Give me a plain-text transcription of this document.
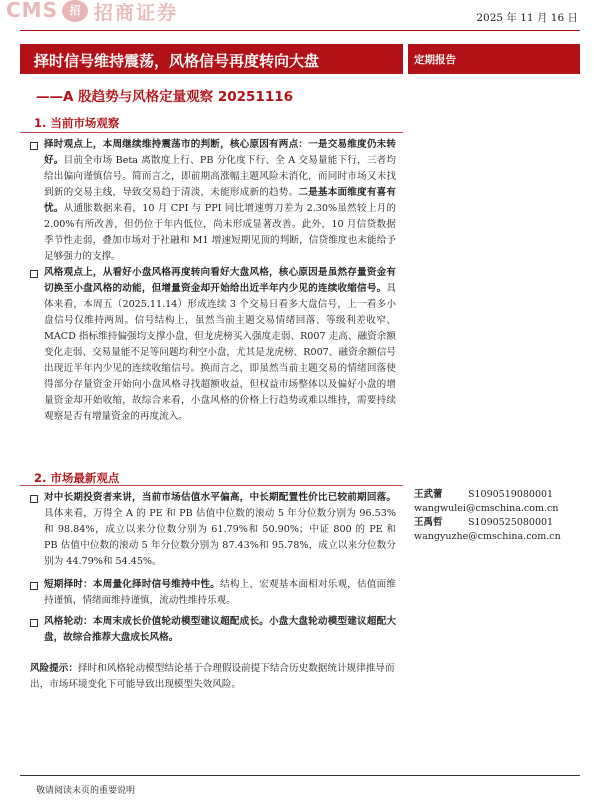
CMS	招 招商证券	2025 年 11 月 16 日
择时信号维持震荡，风格信号再度转向大盘	定期报告
——A 股趋势与风格定量观察 20251116
1. 当前市场观察
择时观点上，本周继续维持震荡市的判断，核心原因有两点：一是交易维度仍未转好。目前全市场 Beta 离散度上行、PB 分化度下行、全 A 交易量能下行，三者均给出偏向谨慎信号。简而言之，即前期高涨幅主题风险未消化，而同时市场又未找到新的交易主线，导致交易趋于清淡，未能形成新的趋势。二是基本面维度有喜有忧。从通胀数据来看，10 月 CPI 与 PPI 同比增速剪刀差为 2.30%虽然较上月的 2.00%有所改善，但仍位于年内低位，尚未形成显著改善。此外，10 月信贷数据季节性走弱，叠加市场对于社融和 M1 增速短期见顶的判断，信贷维度也未能给予足够强力的支撑。
风格观点上，从看好小盘风格再度转向看好大盘风格，核心原因是虽然存量资金有切换至小盘风格的动能，但增量资金却开始给出近半年内少见的连续收缩信号。具体来看，本周五（2025.11.14）形成连续 3 个交易日看多大盘信号，上一看多小盘信号仅维持两周。信号结构上，虽然当前主题交易情绪回落、等级利差收窄、MACD 指标维持偏强均支撑小盘，但龙虎榜买入强度走弱、R007 走高、融资余额变化走弱、交易量能不足等问题均利空小盘，尤其是龙虎榜、R007、融资余额信号出现近半年内少见的连续收缩信号。换而言之，即虽然当前主题交易的情绪回落使得部分存量资金开始向小盘风格寻找超额收益，但权益市场整体以及偏好小盘的增量资金却开始收缩，故综合来看，小盘风格的价格上行趋势或难以维持，需要持续观察是否有增量资金的再度流入。
2. 市场最新观点
对中长期投资者来讲，当前市场估值水平偏高，中长期配置性价比已较前期回落。具体来看，万得全 A 的 PE 和 PB 估值中位数的滚动 5 年分位数分别为 96.53%和 98.84%，成立以来分位数分别为 61.79%和 50.90%；中证 800 的 PE 和 PB 估值中位数的滚动 5 年分位数分别为 87.43%和 95.78%，成立以来分位数分别为 44.79%和 54.45%。
短期择时：本周量化择时信号维持中性。结构上，宏观基本面相对乐观，估值面维持谨慎，情绪面维持谨慎，流动性维持乐观。
风格轮动：本周末成长价值轮动模型建议超配成长。小盘大盘轮动模型建议超配大盘，故综合推荐大盘成长风格。
王武蕾	S1090519080001
wangwulei@cmschina.com.cn
王禹哲	S1090525080001
wangyuzhe@cmschina.com.cn
风险提示：择时和风格轮动模型结论基于合理假设前提下结合历史数据统计规律推导而出，市场环境变化下可能导致出现模型失效风险。
敬请阅读末页的重要说明
